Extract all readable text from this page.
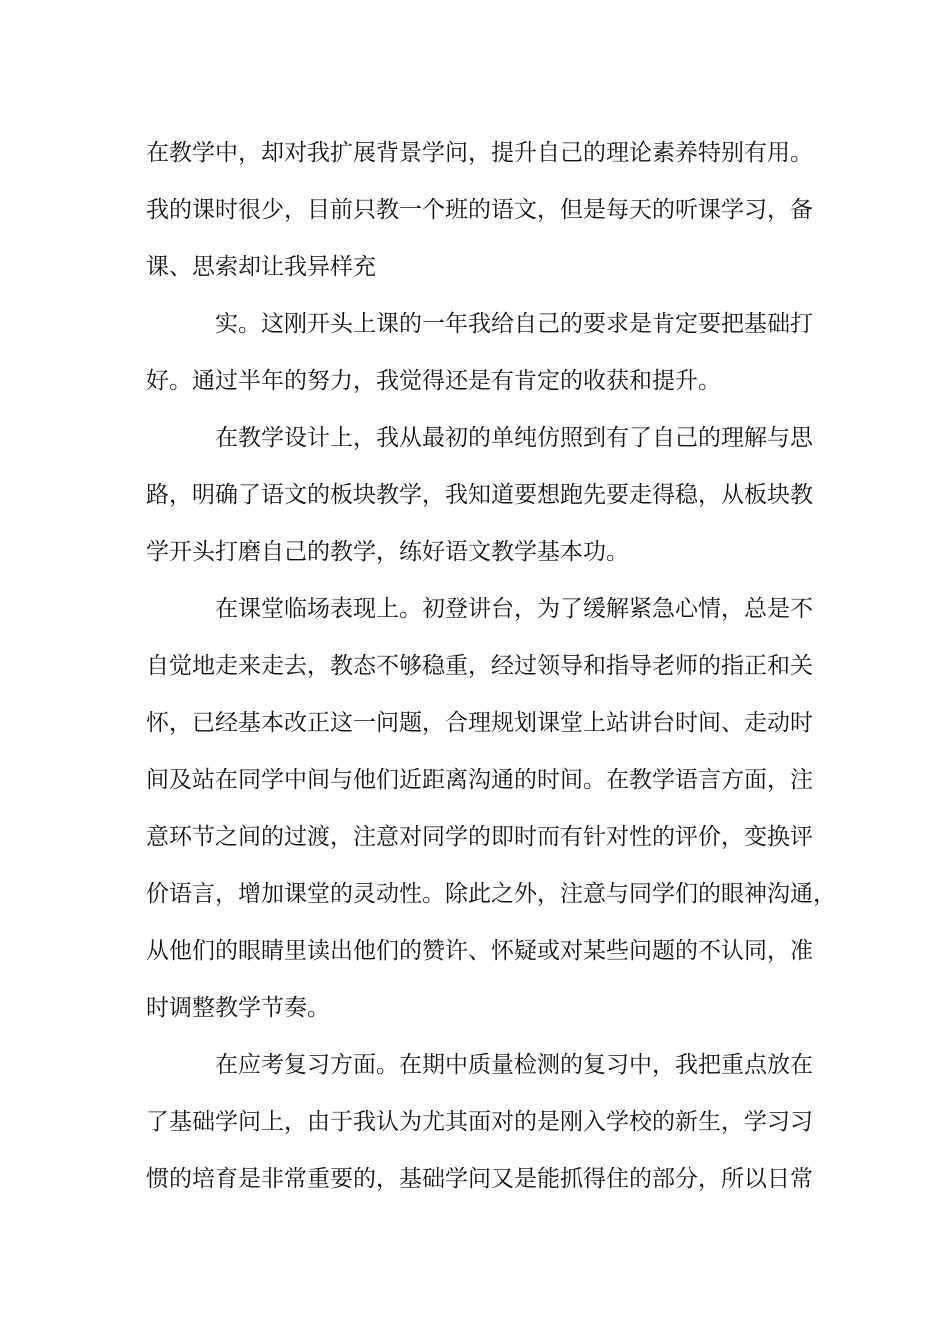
在教学中，却对我扩展背景学问，提升自己的理论素养特别有用。
我的课时很少，目前只教一个班的语文，但是每天的听课学习，备
课、思索却让我异样充
实。这刚开头上课的一年我给自己的要求是肯定要把基础打
好。通过半年的努力，我觉得还是有肯定的收获和提升。
在教学设计上，我从最初的单纯仿照到有了自己的理解与思
路，明确了语文的板块教学，我知道要想跑先要走得稳，从板块教
学开头打磨自己的教学，练好语文教学基本功。
在课堂临场表现上。初登讲台，为了缓解紧急心情，总是不
自觉地走来走去，教态不够稳重，经过领导和指导老师的指正和关
怀，已经基本改正这一问题，合理规划课堂上站讲台时间、走动时
间及站在同学中间与他们近距离沟通的时间。在教学语言方面，注
意环节之间的过渡，注意对同学的即时而有针对性的评价，变换评
价语言，增加课堂的灵动性。除此之外，注意与同学们的眼神沟通，
从他们的眼睛里读出他们的赞许、怀疑或对某些问题的不认同，准
时调整教学节奏。
在应考复习方面。在期中质量检测的复习中，我把重点放在
了基础学问上，由于我认为尤其面对的是刚入学校的新生，学习习
惯的培育是非常重要的，基础学问又是能抓得住的部分，所以日常
